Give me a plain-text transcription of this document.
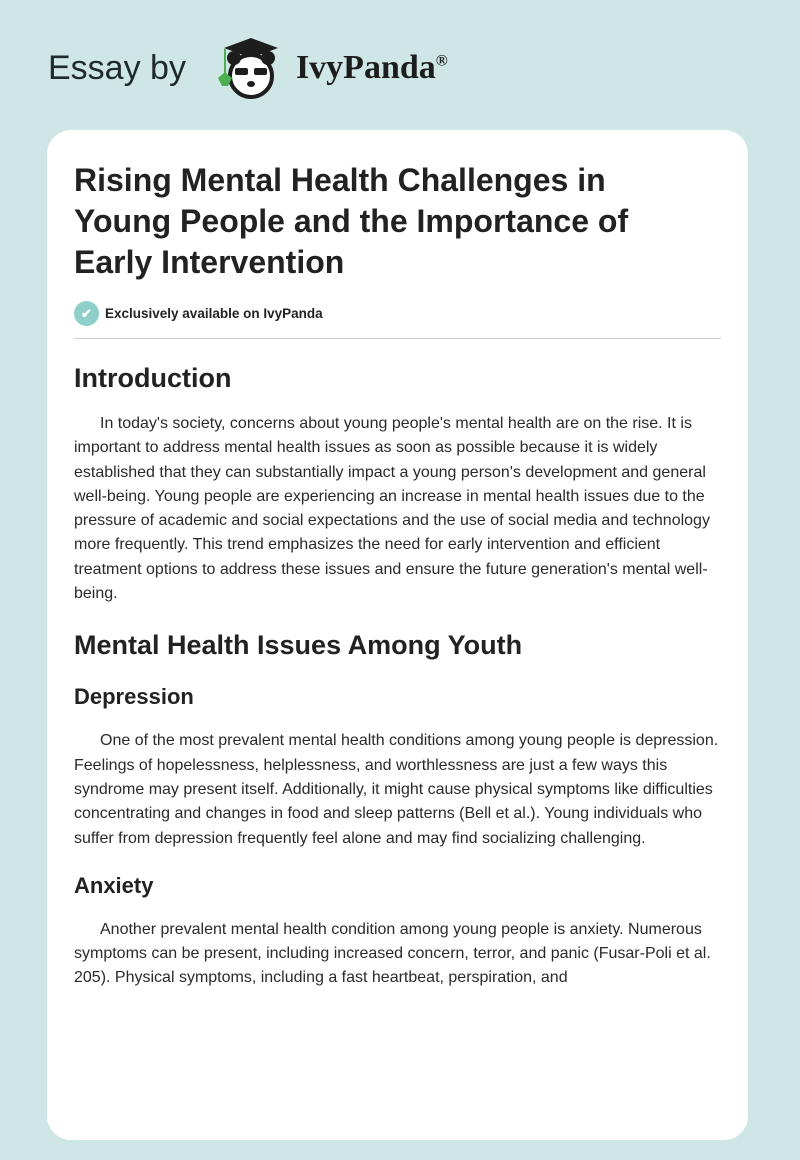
Essay by	IvyPanda®
Rising Mental Health Challenges in Young People and the Importance of Early Intervention
✔ Exclusively available on IvyPanda
Introduction

In today's society, concerns about young people's mental health are on the rise. It is important to address mental health issues as soon as possible because it is widely established that they can substantially impact a young person's development and general well-being. Young people are experiencing an increase in mental health issues due to the pressure of academic and social expectations and the use of social media and technology more frequently. This trend emphasizes the need for early intervention and efficient treatment options to address these issues and ensure the future generation's mental well-being.

Mental Health Issues Among Youth
Depression

One of the most prevalent mental health conditions among young people is depression. Feelings of hopelessness, helplessness, and worthlessness are just a few ways this syndrome may present itself. Additionally, it might cause physical symptoms like difficulties concentrating and changes in food and sleep patterns (Bell et al.). Young individuals who suffer from depression frequently feel alone and may find socializing challenging.

Anxiety

Another prevalent mental health condition among young people is anxiety. Numerous symptoms can be present, including increased concern, terror, and panic (Fusar-Poli et al. 205). Physical symptoms, including a fast heartbeat, perspiration, and
